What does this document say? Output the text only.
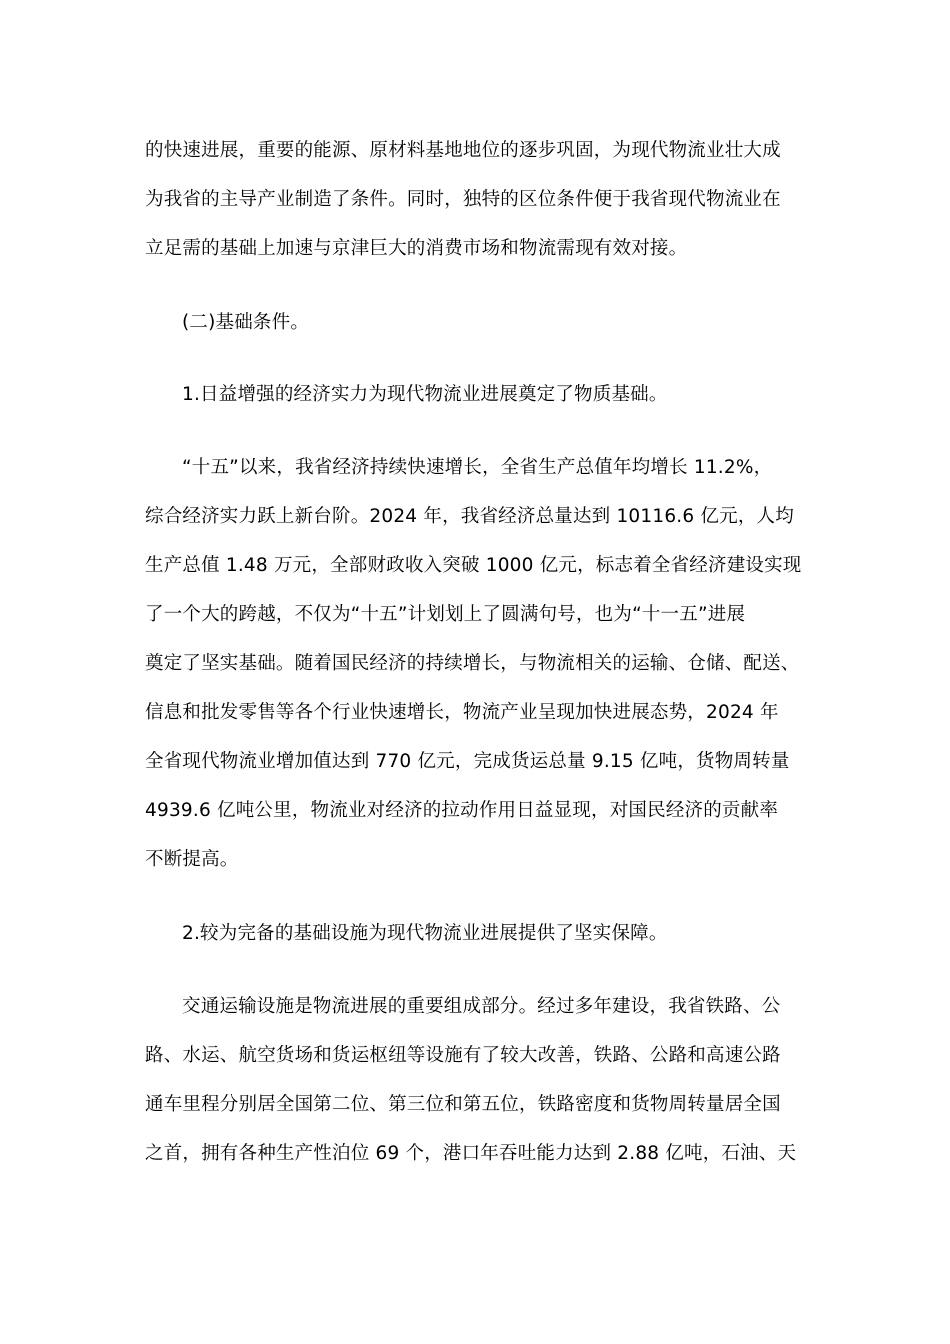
的快速进展，重要的能源、原材料基地地位的逐步巩固，为现代物流业壮大成
为我省的主导产业制造了条件。同时，独特的区位条件便于我省现代物流业在
立足需的基础上加速与京津巨大的消费市场和物流需现有效对接。
(二)基础条件。
1.日益增强的经济实力为现代物流业进展奠定了物质基础。
“十五”以来，我省经济持续快速增长，全省生产总值年均增长 11.2%，
综合经济实力跃上新台阶。2024 年，我省经济总量达到 10116.6 亿元，人均
生产总值 1.48 万元，全部财政收入突破 1000 亿元，标志着全省经济建设实现
了一个大的跨越，不仅为“十五”计划划上了圆满句号，也为“十一五”进展
奠定了坚实基础。随着国民经济的持续增长，与物流相关的运输、仓储、配送、
信息和批发零售等各个行业快速增长，物流产业呈现加快进展态势，2024 年
全省现代物流业增加值达到 770 亿元，完成货运总量 9.15 亿吨，货物周转量
4939.6 亿吨公里，物流业对经济的拉动作用日益显现，对国民经济的贡献率
不断提高。
2.较为完备的基础设施为现代物流业进展提供了坚实保障。
交通运输设施是物流进展的重要组成部分。经过多年建设，我省铁路、公
路、水运、航空货场和货运枢纽等设施有了较大改善，铁路、公路和高速公路
通车里程分别居全国第二位、第三位和第五位，铁路密度和货物周转量居全国
之首，拥有各种生产性泊位 69 个，港口年吞吐能力达到 2.88 亿吨，石油、天
